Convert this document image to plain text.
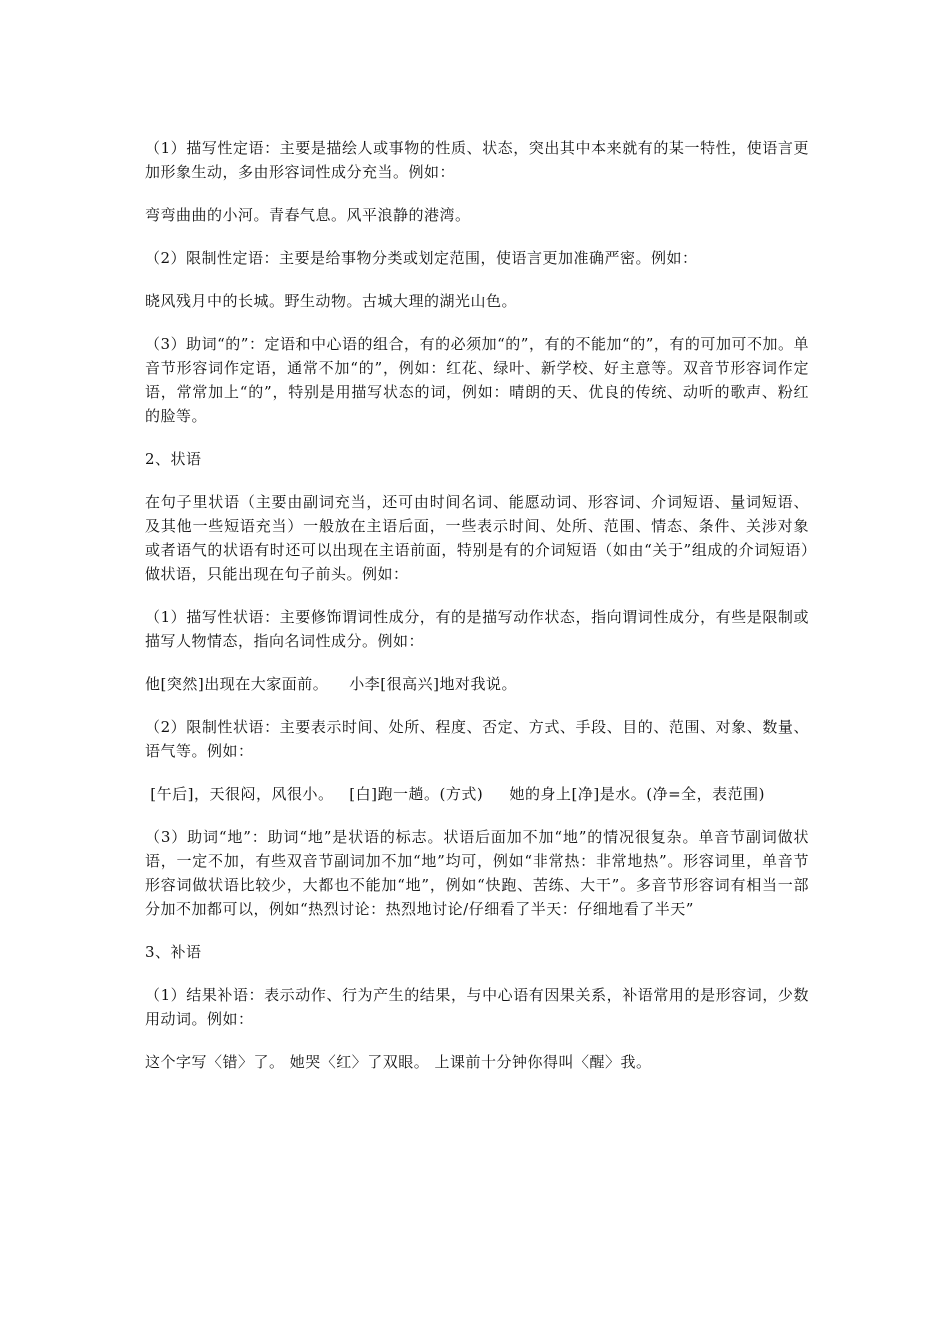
（1）描写性定语：主要是描绘人或事物的性质、状态，突出其中本来就有的某一特性，使语言更加形象生动，多由形容词性成分充当。例如：

弯弯曲曲的小河。青春气息。风平浪静的港湾。

（2）限制性定语：主要是给事物分类或划定范围，使语言更加准确严密。例如：

晓风残月中的长城。野生动物。古城大理的湖光山色。

（3）助词“的”：定语和中心语的组合，有的必须加“的”，有的不能加“的”，有的可加可不加。单音节形容词作定语，通常不加“的”，例如：红花、绿叶、新学校、好主意等。双音节形容词作定语，常常加上“的”，特别是用描写状态的词，例如：晴朗的天、优良的传统、动听的歌声、粉红的脸等。

2、状语

在句子里状语（主要由副词充当，还可由时间名词、能愿动词、形容词、介词短语、量词短语、及其他一些短语充当）一般放在主语后面，一些表示时间、处所、范围、情态、条件、关涉对象或者语气的状语有时还可以出现在主语前面，特别是有的介词短语（如由“关于”组成的介词短语）做状语，只能出现在句子前头。例如：

（1）描写性状语：主要修饰谓词性成分，有的是描写动作状态，指向谓词性成分，有些是限制或描写人物情态，指向名词性成分。例如：

他[突然]出现在大家面前。    小李[很高兴]地对我说。

（2）限制性状语：主要表示时间、处所、程度、否定、方式、手段、目的、范围、对象、数量、语气等。例如：

[午后]，天很闷，风很小。   [白]跑一趟。(方式)     她的身上[净]是水。(净=全，表范围)

（3）助词“地”：助词“地”是状语的标志。状语后面加不加“地”的情况很复杂。单音节副词做状语，一定不加，有些双音节副词加不加“地”均可，例如“非常热：非常地热”。形容词里，单音节形容词做状语比较少，大都也不能加“地”，例如“快跑、苦练、大干”。多音节形容词有相当一部分加不加都可以，例如“热烈讨论：热烈地讨论/仔细看了半天：仔细地看了半天”

3、补语

（1）结果补语：表示动作、行为产生的结果，与中心语有因果关系，补语常用的是形容词，少数用动词。例如：

这个字写〈错〉了。 她哭〈红〉了双眼。 上课前十分钟你得叫〈醒〉我。
